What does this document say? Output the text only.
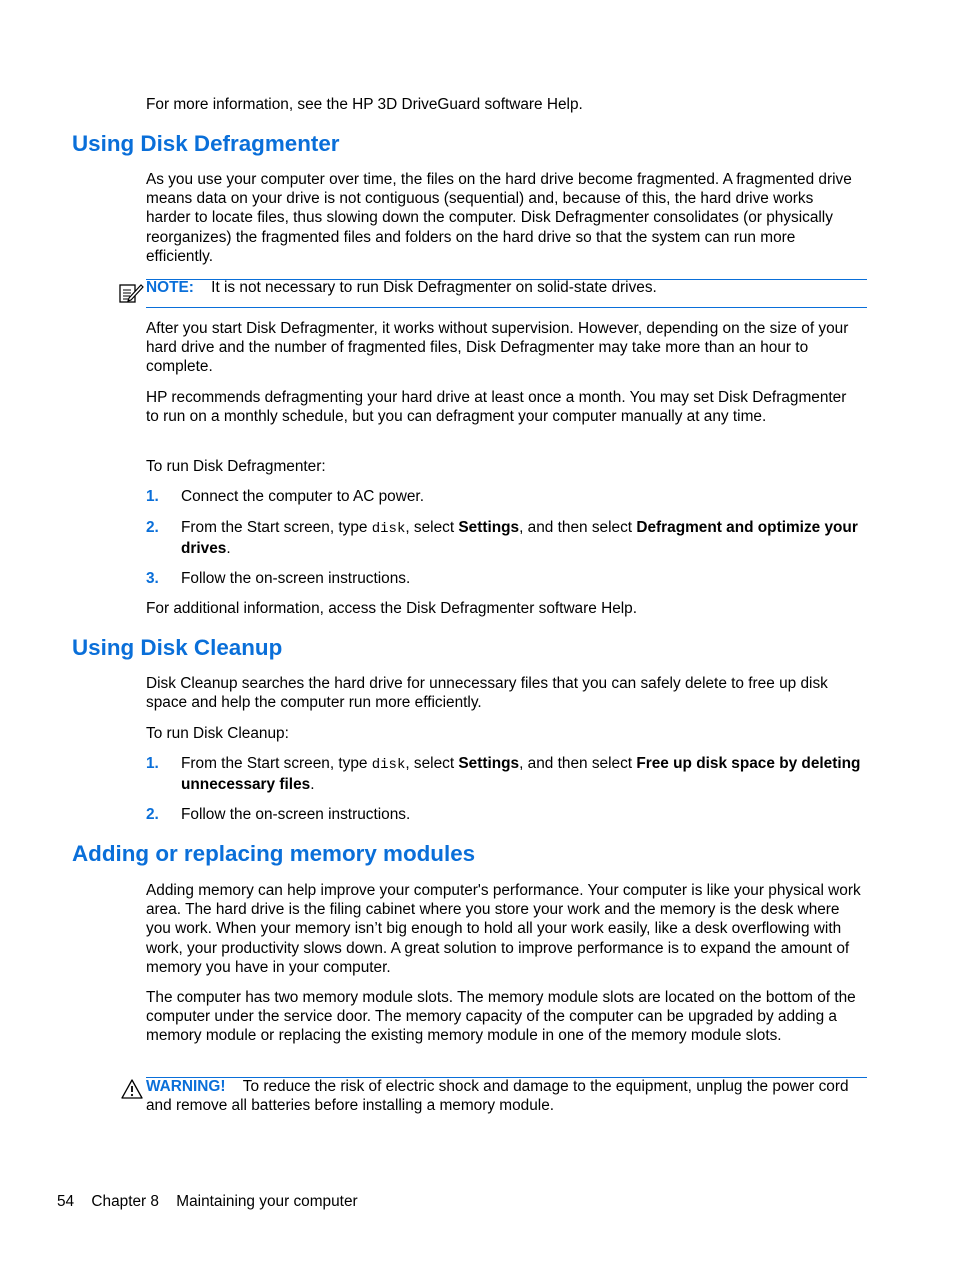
For more information, see the HP 3D DriveGuard software Help.

Using Disk Defragmenter

As you use your computer over time, the files on the hard drive become fragmented. A fragmented drive means data on your drive is not contiguous (sequential) and, because of this, the hard drive works harder to locate files, thus slowing down the computer. Disk Defragmenter consolidates (or physically reorganizes) the fragmented files and folders on the hard drive so that the system can run more efficiently.

NOTE: It is not necessary to run Disk Defragmenter on solid-state drives.

After you start Disk Defragmenter, it works without supervision. However, depending on the size of your hard drive and the number of fragmented files, Disk Defragmenter may take more than an hour to complete.

HP recommends defragmenting your hard drive at least once a month. You may set Disk Defragmenter to run on a monthly schedule, but you can defragment your computer manually at any time.

To run Disk Defragmenter:

1. Connect the computer to AC power.

2. From the Start screen, type disk, select Settings, and then select Defragment and optimize your drives.

3. Follow the on-screen instructions.

For additional information, access the Disk Defragmenter software Help.

Using Disk Cleanup

Disk Cleanup searches the hard drive for unnecessary files that you can safely delete to free up disk space and help the computer run more efficiently.

To run Disk Cleanup:

1. From the Start screen, type disk, select Settings, and then select Free up disk space by deleting unnecessary files.

2. Follow the on-screen instructions.

Adding or replacing memory modules

Adding memory can help improve your computer's performance. Your computer is like your physical work area. The hard drive is the filing cabinet where you store your work and the memory is the desk where you work. When your memory isn’t big enough to hold all your work easily, like a desk overflowing with work, your productivity slows down. A great solution to improve performance is to expand the amount of memory you have in your computer.

The computer has two memory module slots. The memory module slots are located on the bottom of the computer under the service door. The memory capacity of the computer can be upgraded by adding a memory module or replacing the existing memory module in one of the memory module slots.

WARNING! To reduce the risk of electric shock and damage to the equipment, unplug the power cord and remove all batteries before installing a memory module.

54 Chapter 8 Maintaining your computer
